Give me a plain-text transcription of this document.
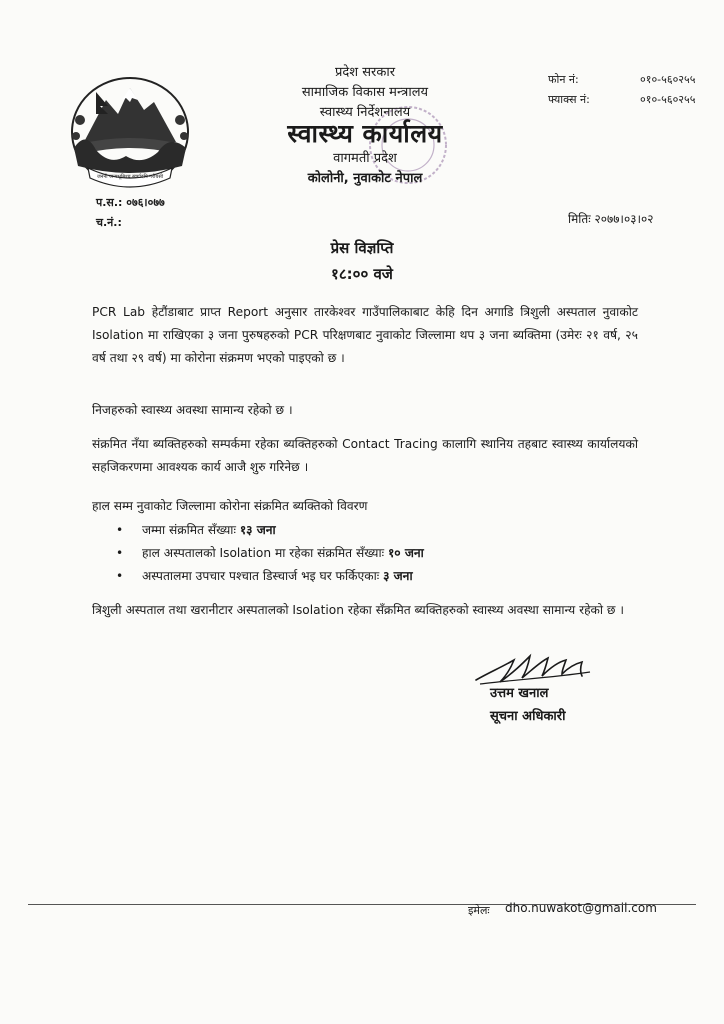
जननी जन्मभूमिश्च स्वर्गादपि गरीयसी
प्रदेश सरकार
सामाजिक विकास मन्त्रालय
स्वास्थ्य निर्देशनालय
स्वास्थ्य कार्यालय
वागमती प्रदेश
कोलोनी, नुवाकोट नेपाल
फोन नं:	०१०-५६०२५५
फ्याक्स नं:	०१०-५६०२५५
प.स.: ०७६।०७७
च.नं.:	मितिः २०७७।०३।०२
प्रेस विज्ञप्ति
१८:०० वजे
PCR Lab हेटौंडाबाट प्राप्त Report अनुसार तारकेश्वर गाउँपालिकाबाट केहि दिन अगाडि त्रिशुली अस्पताल नुवाकोट Isolation मा राखिएका ३ जना पुरुषहरुको PCR परिक्षणबाट नुवाकोट जिल्लामा थप ३ जना ब्यक्तिमा (उमेरः २१ वर्ष, २५ वर्ष तथा २९ वर्ष) मा कोरोना संक्रमण भएको पाइएको छ ।
निजहरुको स्वास्थ्य अवस्था सामान्य रहेको छ ।
संक्रमित नँया ब्यक्तिहरुको सम्पर्कमा रहेका ब्यक्तिहरुको Contact Tracing कालागि स्थानिय तहबाट स्वास्थ्य कार्यालयको सहजिकरणमा आवश्यक कार्य आजै शुरु गरिनेछ ।
हाल सम्म नुवाकोट जिल्लामा कोरोना संक्रमित ब्यक्तिको विवरण
• जम्मा संक्रमित सँख्याः १३ जना
• हाल अस्पतालको Isolation मा रहेका संक्रमित सँख्याः १० जना
• अस्पतालमा उपचार पश्चात डिस्चार्ज भइ घर फर्किएकाः ३ जना
त्रिशुली अस्पताल तथा खरानीटार अस्पतालको Isolation रहेका सँक्रमित ब्यक्तिहरुको स्वास्थ्य अवस्था सामान्य रहेको छ ।
उत्तम खनाल
सूचना अधिकारी
इमेलः dho.nuwakot@gmail.com
